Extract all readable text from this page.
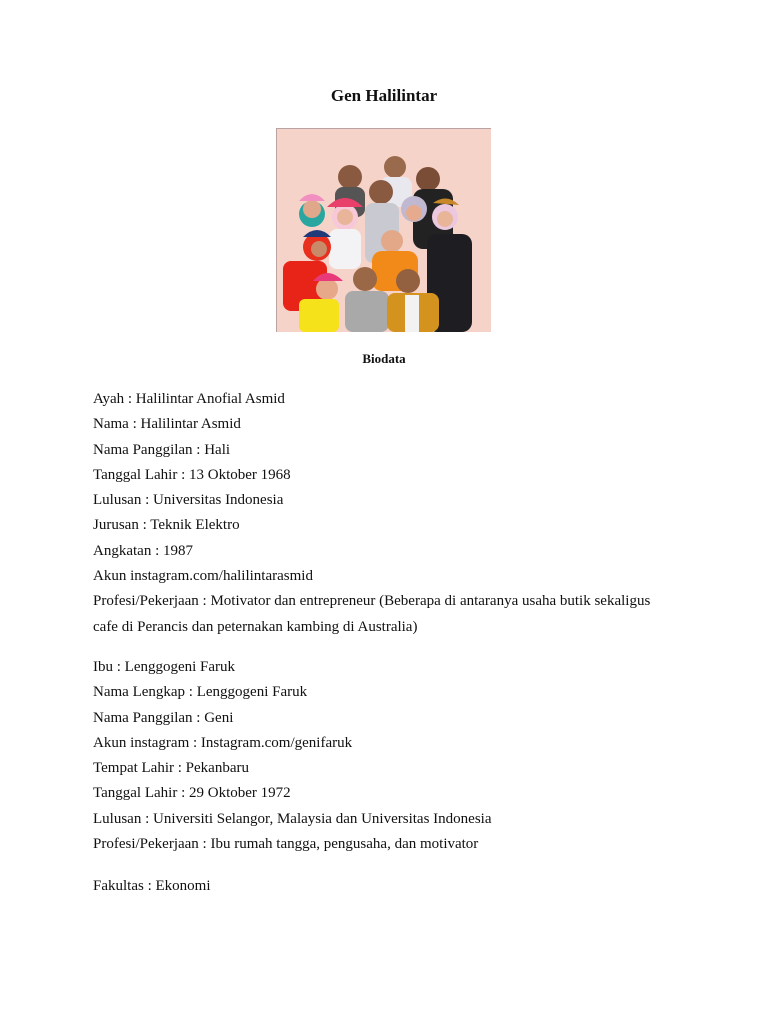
Gen Halilintar
Biodata
Ayah : Halilintar Anofial Asmid
Nama : Halilintar Asmid
Nama Panggilan : Hali
Tanggal Lahir : 13 Oktober 1968
Lulusan : Universitas Indonesia
Jurusan : Teknik Elektro
Angkatan : 1987
Akun instagram.com/halilintarasmid
Profesi/Pekerjaan : Motivator dan entrepreneur (Beberapa di antaranya usaha butik sekaligus
cafe di Perancis dan peternakan kambing di Australia)
Ibu : Lenggogeni Faruk
Nama Lengkap : Lenggogeni Faruk
Nama Panggilan : Geni
Akun instagram : Instagram.com/genifaruk
Tempat Lahir : Pekanbaru
Tanggal Lahir : 29 Oktober 1972
Lulusan : Universiti Selangor, Malaysia dan Universitas Indonesia
Profesi/Pekerjaan : Ibu rumah tangga, pengusaha, dan motivator
Fakultas : Ekonomi
